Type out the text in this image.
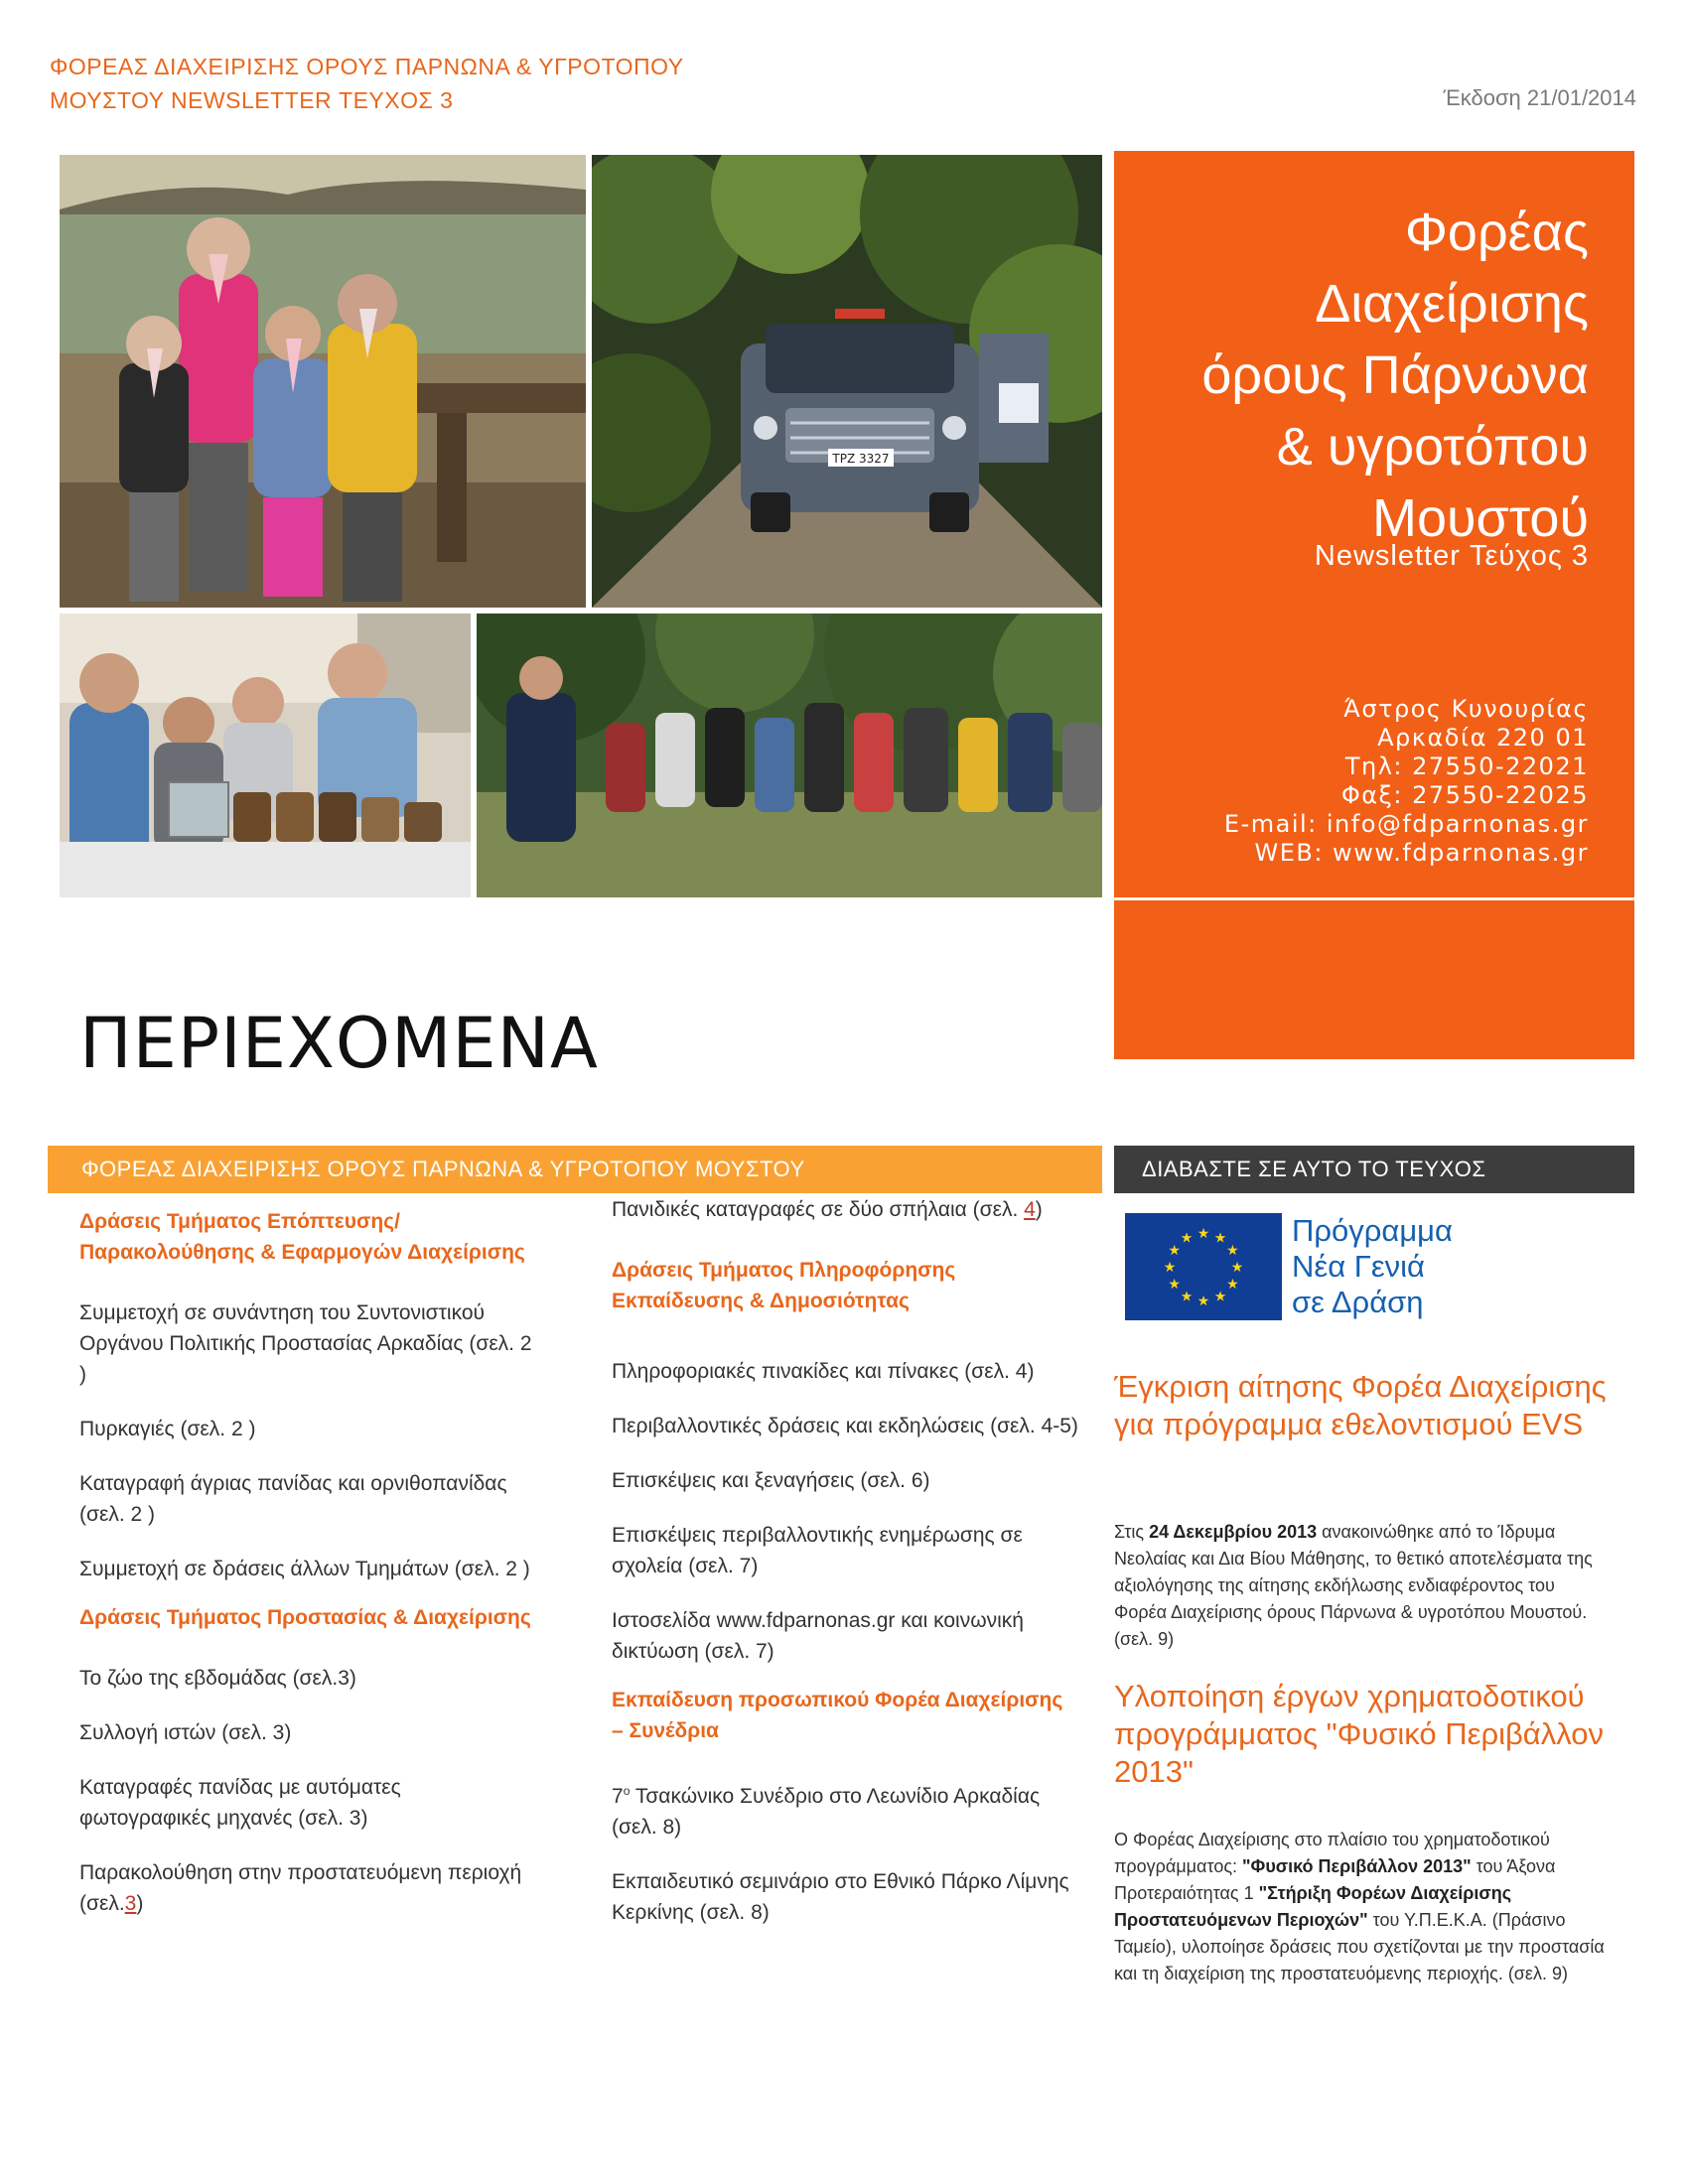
ΦΟΡΕΑΣ ΔΙΑΧΕΙΡΙΣΗΣ ΟΡΟΥΣ ΠΑΡΝΩΝΑ & ΥΓΡΟΤΟΠΟΥ
ΜΟΥΣΤΟΥ NEWSLETTER ΤΕΥΧΟΣ 3	Έκδοση 21/01/2014
ΤΡΖ 3327
Φορέας
Διαχείρισης
όρους Πάρνωνα
& υγροτόπου
Μουστού
Newsletter Τεύχος 3
Άστρος Κυνουρίας
Αρκαδία 220 01
Τηλ: 27550-22021
Φαξ: 27550-22025
E-mail: info@fdparnonas.gr
WEB: www.fdparnonas.gr
ΠΕΡΙΕΧΟΜΕΝΑ
ΦΟΡΕΑΣ ΔΙΑΧΕΙΡΙΣΗΣ ΟΡΟΥΣ ΠΑΡΝΩΝΑ & ΥΓΡΟΤΟΠΟΥ ΜΟΥΣΤΟΥ	ΔΙΑΒΑΣΤΕ ΣΕ ΑΥΤΟ ΤΟ ΤΕΥΧΟΣ
Δράσεις Τμήματος Επόπτευσης/ Παρακολούθησης & Εφαρμογών Διαχείρισης
Συμμετοχή σε συνάντηση του Συντονιστικού Οργάνου Πολιτικής Προστασίας Αρκαδίας (σελ. 2 )
Πυρκαγιές (σελ. 2 )
Καταγραφή άγριας πανίδας και ορνιθοπανίδας (σελ. 2 )
Συμμετοχή σε δράσεις άλλων Τμημάτων (σελ. 2 )
Δράσεις Τμήματος Προστασίας & Διαχείρισης
Το ζώο της εβδομάδας (σελ.3)
Συλλογή ιστών (σελ. 3)
Καταγραφές πανίδας με αυτόματες φωτογραφικές μηχανές (σελ. 3)
Παρακολούθηση στην προστατευόμενη περιοχή (σελ.3)
Πανιδικές καταγραφές σε δύο σπήλαια (σελ. 4)
Δράσεις Τμήματος Πληροφόρησης Εκπαίδευσης & Δημοσιότητας
Πληροφοριακές πινακίδες και πίνακες (σελ. 4)
Περιβαλλοντικές δράσεις και εκδηλώσεις (σελ. 4-5)
Επισκέψεις και ξεναγήσεις (σελ. 6)
Επισκέψεις περιβαλλοντικής ενημέρωσης σε σχολεία (σελ. 7)
Ιστοσελίδα www.fdparnonas.gr και κοινωνική δικτύωση (σελ. 7)
Εκπαίδευση προσωπικού Φορέα Διαχείρισης – Συνέδρια
$7^o$ Τσακώνικο Συνέδριο στο Λεωνίδιο Αρκαδίας (σελ. 8)
Εκπαιδευτικό σεμινάριο στο Εθνικό Πάρκο Λίμνης Κερκίνης (σελ. 8)
★ ★
★
★
★
★
★
★
★
★
★
★	Πρόγραμμα
Νέα Γενιά
σε Δράση
Έγκριση αίτησης Φορέα Διαχείρισης για πρόγραμμα εθελοντισμού EVS
Στις 24 Δεκεμβρίου 2013 ανακοινώθηκε από το Ίδρυμα Νεολαίας και Δια Βίου Μάθησης, το θετικό αποτελέσματα της αξιολόγησης της αίτησης εκδήλωσης ενδιαφέροντος του Φορέα Διαχείρισης όρους Πάρνωνα & υγροτόπου Μουστού. (σελ. 9)
Υλοποίηση έργων χρηματοδοτικού προγράμματος "Φυσικό Περιβάλλον 2013"
Ο Φορέας Διαχείρισης στο πλαίσιο του χρηματοδοτικού προγράμματος: "Φυσικό Περιβάλλον 2013" του Άξονα Προτεραιότητας 1 "Στήριξη Φορέων Διαχείρισης Προστατευόμενων Περιοχών" του Υ.Π.Ε.Κ.Α. (Πράσινο Ταμείο), υλοποίησε δράσεις που σχετίζονται με την προστασία και τη διαχείριση της προστατευόμενης περιοχής. (σελ. 9)
